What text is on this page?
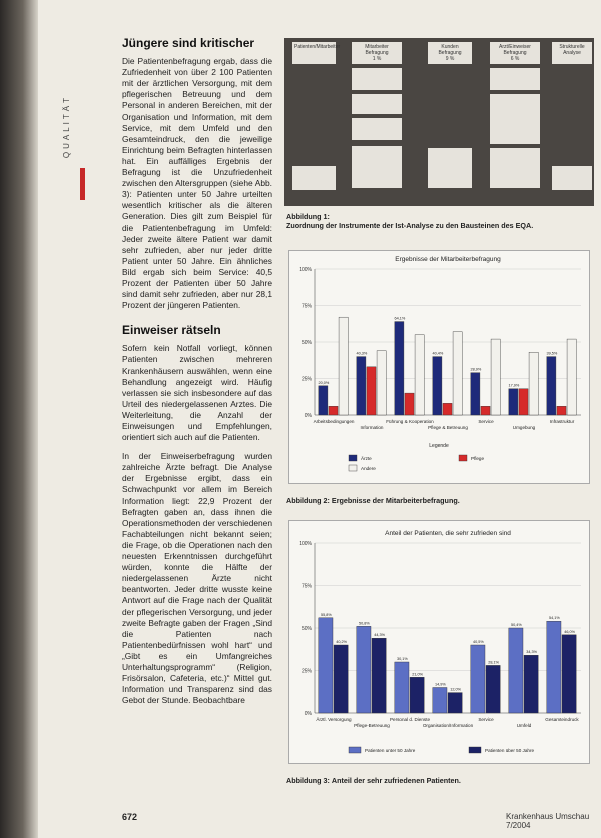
QUALITÄT
Jüngere sind kritischer

Die Patientenbefragung ergab, dass die Zufriedenheit von über 2 100 Patienten mit der ärztlichen Versorgung, mit dem pflegerischen Betreuung und dem Personal in anderen Bereichen, mit der Organisation und Information, mit dem Service, mit dem Umfeld und den Gesamteindruck, den die jeweilige Einrichtung beim Befragten hinterlassen hat. Ein auffälliges Ergebnis der Befragung ist die Unzufriedenheit zwischen den Altersgruppen (siehe Abb. 3): Patienten unter 50 Jahre urteilten wesentlich kritischer als die älteren Generation. Dies gilt zum Beispiel für die Patientenbefragung im Umfeld: Jeder zweite ältere Patient war damit sehr zufrieden, aber nur jeder dritte Patient unter 50 Jahre. Ein ähnliches Bild ergab sich beim Service: 40,5 Prozent der Patienten über 50 Jahre sind damit sehr zufrieden, aber nur 28,1 Prozent der jüngeren Patienten.

Einweiser rätseln

Sofern kein Notfall vorliegt, können Patienten zwischen mehreren Krankenhäusern auswählen, wenn eine Behandlung angezeigt wird. Häufig verlassen sie sich insbesondere auf das Urteil des niedergelassenen Arztes. Die Weiterleitung, die Anzahl der Einweisungen und Empfehlungen, orientiert sich auch auf die Patienten.

In der Einweiserbefragung wurden zahlreiche Ärzte befragt. Die Analyse der Ergebnisse ergibt, dass ein Schwachpunkt vor allem im Bereich Information liegt: 22,9 Prozent der Befragten gaben an, dass ihnen die Operationsmethoden der verschiedenen Fachabteilungen nicht bekannt seien; die Frage, ob die Operationen nach den neuesten Erkenntnissen durchgeführt würden, konnte die Hälfte der niedergelassenen Ärzte nicht beantworten. Jeder dritte wusste keine Antwort auf die Frage nach der Qualität der pflegerischen Versorgung, und jeder zweite Befragte gaben der Fragen „Sind die Patienten nach Patientenbedürfnissen wohl hart“ und „Gibt es ein Umfangreiches Unterhaltungsprogramm“ (Religion, Frisörsalon, Cafeteria, etc.)“ Mittel gut. Information und Transparenz sind das Gebot der Stunde. Beobachtbare

Patienten/Mitarbeiter	Mitarbeiter
Befragung
1 %
Kunden
Befragung
9 %
Arzt/Einweiser
Befragung
6 %
Strukturelle
Analyse
Abbildung 1:
Zuordnung der Instrumente der Ist-Analyse zu den Bausteinen des EQA.
Ergebnisse der Mitarbeiterbefragung
0%
25%
50%
75%
100%
20,0%
Arbeitsbedingungen
40,3%
Information
64,1%
Führung & Kooperation
40,4%
Pflege & Betreuung
28,9%
Service
17,9%
Umgebung
39,5%
Infrastruktur
Legende
Ärzte	Pflege
Andere
Abbildung 2: Ergebnisse der Mitarbeiterbefragung.
Anteil der Patienten, die sehr zufrieden sind
0%
25%
50%
75%
100%
55,8%
40,2%
Ärztl. Versorgung
50,8%
44,3%
Pflege-Betreuung
30,1%
21,0%
Personal d. Dienste
14,9%
12,0%
Organisation/Information
40,5%
28,1%
Service
50,4%
34,3%
Umfeld
54,1%
46,0%
Gesamteindruck
Patienten unter 50 Jahre	Patienten über 50 Jahre
Abbildung 3: Anteil der sehr zufriedenen Patienten.
672	Krankenhaus Umschau 7/2004
